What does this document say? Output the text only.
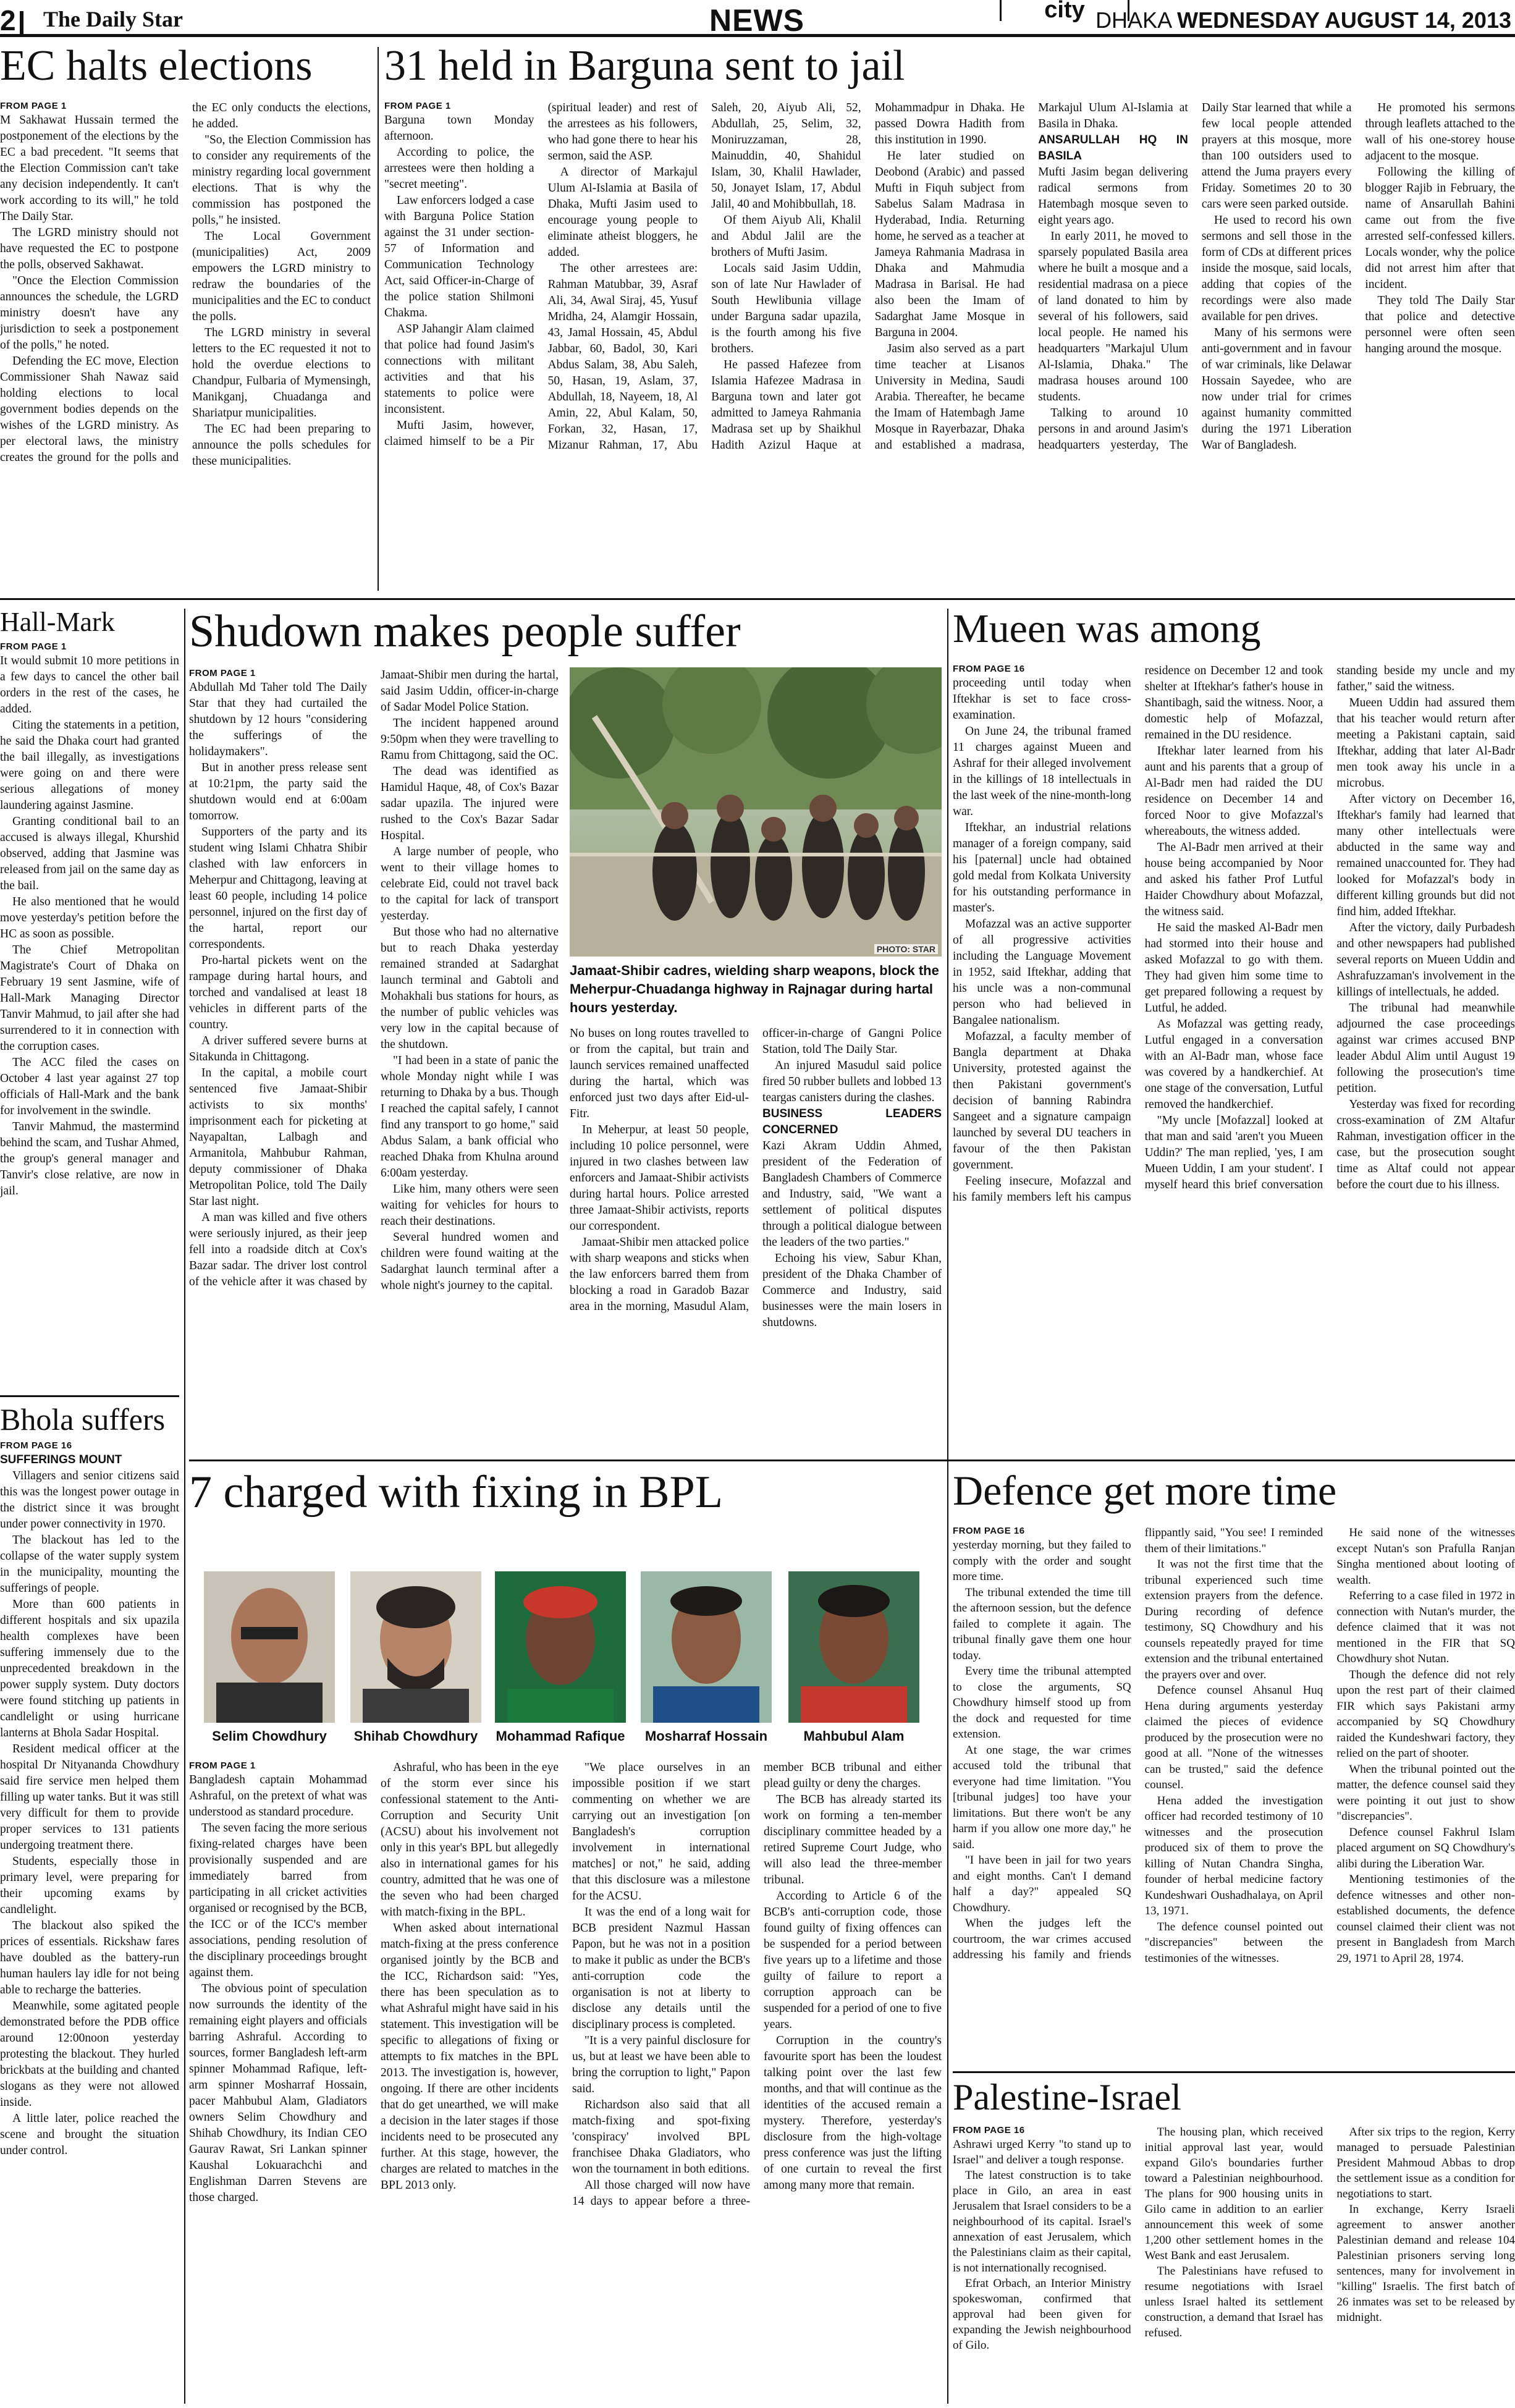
2	The Daily Star	NEWS	city DHAKA WEDNESDAY AUGUST 14, 2013
EC halts elections
FROM PAGE 1

M Sakhawat Hussain termed the postponement of the elections by the EC a bad precedent. "It seems that the Election Commission can't take any decision independently. It can't work according to its will," he told The Daily Star.

The LGRD ministry should not have requested the EC to postpone the polls, observed Sakhawat.

"Once the Election Commission announces the schedule, the LGRD ministry doesn't have any jurisdiction to seek a postponement of the polls," he noted.

Defending the EC move, Election Commissioner Shah Nawaz said holding elections to local government bodies depends on the wishes of the LGRD ministry. As per electoral laws, the ministry creates the ground for the polls and the EC only conducts the elections, he added.

"So, the Election Commission has to consider any requirements of the ministry regarding local government elections. That is why the commission has postponed the polls," he insisted.

The Local Government (municipalities) Act, 2009 empowers the LGRD ministry to redraw the boundaries of the municipalities and the EC to conduct the polls.

The LGRD ministry in several letters to the EC requested it not to hold the overdue elections to Chandpur, Fulbaria of Mymensingh, Manikganj, Chuadanga and Shariatpur municipalities.

The EC had been preparing to announce the polls schedules for these municipalities.

31 held in Barguna sent to jail
FROM PAGE 1

Barguna town Monday afternoon.

According to police, the arrestees were then holding a "secret meeting".

Law enforcers lodged a case with Barguna Police Station against the 31 under section-57 of Information and Communication Technology Act, said Officer-in-Charge of the police station Shilmoni Chakma.

ASP Jahangir Alam claimed that police had found Jasim's connections with militant activities and that his statements to police were inconsistent.

Mufti Jasim, however, claimed himself to be a Pir (spiritual leader) and rest of the arrestees as his followers, who had gone there to hear his sermon, said the ASP.

A director of Markajul Ulum Al-Islamia at Basila of Dhaka, Mufti Jasim used to encourage young people to eliminate atheist bloggers, he added.

The other arrestees are: Rahman Matubbar, 39, Asraf Ali, 34, Awal Siraj, 45, Yusuf Mridha, 24, Alamgir Hossain, 43, Jamal Hossain, 45, Abdul Jabbar, 60, Badol, 30, Kari Abdus Salam, 38, Abu Saleh, 50, Hasan, 19, Aslam, 37, Abdullah, 18, Nayeem, 18, Al Amin, 22, Abul Kalam, 50, Forkan, 32, Hasan, 17, Mizanur Rahman, 17, Abu Saleh, 20, Aiyub Ali, 52, Abdullah, 25, Selim, 32, Moniruzzaman, 28, Mainuddin, 40, Shahidul Islam, 30, Khalil Hawlader, 50, Jonayet Islam, 17, Abdul Jalil, 40 and Mohibbullah, 18.

Of them Aiyub Ali, Khalil and Abdul Jalil are the brothers of Mufti Jasim.

Locals said Jasim Uddin, son of late Nur Hawlader of South Hewlibunia village under Barguna sadar upazila, is the fourth among his five brothers.

He passed Hafezee from Islamia Hafezee Madrasa in Barguna town and later got admitted to Jameya Rahmania Madrasa set up by Shaikhul Hadith Azizul Haque at Mohammadpur in Dhaka. He passed Dowra Hadith from this institution in 1990.

He later studied on Deobond (Arabic) and passed Mufti in Fiquh subject from Sabelus Salam Madrasa in Hyderabad, India. Returning home, he served as a teacher at Jameya Rahmania Madrasa in Dhaka and Mahmudia Madrasa in Barisal. He had also been the Imam of Sadarghat Jame Mosque in Barguna in 2004.

Jasim also served as a part time teacher at Lisanos University in Medina, Saudi Arabia. Thereafter, he became the Imam of Hatembagh Jame Mosque in Rayerbazar, Dhaka and established a madrasa, Markajul Ulum Al-Islamia at Basila in Dhaka.

ANSARULLAH HQ IN BASILA

Mufti Jasim began delivering radical sermons from Hatembagh mosque seven to eight years ago.

In early 2011, he moved to sparsely populated Basila area where he built a mosque and a residential madrasa on a piece of land donated to him by several of his followers, said local people. He named his headquarters "Markajul Ulum Al-Islamia, Dhaka." The madrasa houses around 100 students.

Talking to around 10 persons in and around Jasim's headquarters yesterday, The Daily Star learned that while a few local people attended prayers at this mosque, more than 100 outsiders used to attend the Juma prayers every Friday. Sometimes 20 to 30 cars were seen parked outside.

He used to record his own sermons and sell those in the form of CDs at different prices inside the mosque, said locals, adding that copies of the recordings were also made available for pen drives.

Many of his sermons were anti-government and in favour of war criminals, like Delawar Hossain Sayedee, who are now under trial for crimes against humanity committed during the 1971 Liberation War of Bangladesh.

He promoted his sermons through leaflets attached to the wall of his one-storey house adjacent to the mosque.

Following the killing of blogger Rajib in February, the name of Ansarullah Bahini came out from the five arrested self-confessed killers. Locals wonder, why the police did not arrest him after that incident.

They told The Daily Star that police and detective personnel were often seen hanging around the mosque.

Hall-Mark
FROM PAGE 1

It would submit 10 more petitions in a few days to cancel the other bail orders in the rest of the cases, he added.

Citing the statements in a petition, he said the Dhaka court had granted the bail illegally, as investigations were going on and there were serious allegations of money laundering against Jasmine.

Granting conditional bail to an accused is always illegal, Khurshid observed, adding that Jasmine was released from jail on the same day as the bail.

He also mentioned that he would move yesterday's petition before the HC as soon as possible.

The Chief Metropolitan Magistrate's Court of Dhaka on February 19 sent Jasmine, wife of Hall-Mark Managing Director Tanvir Mahmud, to jail after she had surrendered to it in connection with the corruption cases.

The ACC filed the cases on October 4 last year against 27 top officials of Hall-Mark and the bank for involvement in the swindle.

Tanvir Mahmud, the mastermind behind the scam, and Tushar Ahmed, the group's general manager and Tanvir's close relative, are now in jail.

Bhola suffers
FROM PAGE 16

SUFFERINGS MOUNT

Villagers and senior citizens said this was the longest power outage in the district since it was brought under power connectivity in 1970.

The blackout has led to the collapse of the water supply system in the municipality, mounting the sufferings of people.

More than 600 patients in different hospitals and six upazila health complexes have been suffering immensely due to the unprecedented breakdown in the power supply system. Duty doctors were found stitching up patients in candlelight or using hurricane lanterns at Bhola Sadar Hospital.

Resident medical officer at the hospital Dr Nityananda Chowdhury said fire service men helped them filling up water tanks. But it was still very difficult for them to provide proper services to 131 patients undergoing treatment there.

Students, especially those in primary level, were preparing for their upcoming exams by candlelight.

The blackout also spiked the prices of essentials. Rickshaw fares have doubled as the battery-run human haulers lay idle for not being able to recharge the batteries.

Meanwhile, some agitated people demonstrated before the PDB office around 12:00noon yesterday protesting the blackout. They hurled brickbats at the building and chanted slogans as they were not allowed inside.

A little later, police reached the scene and brought the situation under control.

Shudown makes people suffer
FROM PAGE 1

Abdullah Md Taher told The Daily Star that they had curtailed the shutdown by 12 hours "considering the sufferings of the holidaymakers".

But in another press release sent at 10:21pm, the party said the shutdown would end at 6:00am tomorrow.

Supporters of the party and its student wing Islami Chhatra Shibir clashed with law enforcers in Meherpur and Chittagong, leaving at least 60 people, including 14 police personnel, injured on the first day of the hartal, report our correspondents.

Pro-hartal pickets went on the rampage during hartal hours, and torched and vandalised at least 18 vehicles in different parts of the country.

A driver suffered severe burns at Sitakunda in Chittagong.

In the capital, a mobile court sentenced five Jamaat-Shibir activists to six months' imprisonment each for picketing at Nayapaltan, Lalbagh and Armanitola, Mahbubur Rahman, deputy commissioner of Dhaka Metropolitan Police, told The Daily Star last night.

A man was killed and five others were seriously injured, as their jeep fell into a roadside ditch at Cox's Bazar sadar. The driver lost control of the vehicle after it was chased by Jamaat-Shibir men during the hartal, said Jasim Uddin, officer-in-charge of Sadar Model Police Station.

The incident happened around 9:50pm when they were travelling to Ramu from Chittagong, said the OC.

The dead was identified as Hamidul Haque, 48, of Cox's Bazar sadar upazila. The injured were rushed to the Cox's Bazar Sadar Hospital.

A large number of people, who went to their village homes to celebrate Eid, could not travel back to the capital for lack of transport yesterday.

But those who had no alternative but to reach Dhaka yesterday remained stranded at Sadarghat launch terminal and Gabtoli and Mohakhali bus stations for hours, as the number of public vehicles was very low in the capital because of the shutdown.

"I had been in a state of panic the whole Monday night while I was returning to Dhaka by a bus. Though I reached the capital safely, I cannot find any transport to go home," said Abdus Salam, a bank official who reached Dhaka from Khulna around 6:00am yesterday.

Like him, many others were seen waiting for vehicles for hours to reach their destinations.

Several hundred women and children were found waiting at the Sadarghat launch terminal after a whole night's journey to the capital.

PHOTO: STAR
Jamaat-Shibir cadres, wielding sharp weapons, block the Meherpur-Chuadanga highway in Rajnagar during hartal hours yesterday.

No buses on long routes travelled to or from the capital, but train and launch services remained unaffected during the hartal, which was enforced just two days after Eid-ul-Fitr.

In Meherpur, at least 50 people, including 10 police personnel, were injured in two clashes between law enforcers and Jamaat-Shibir activists during hartal hours. Police arrested three Jamaat-Shibir activists, reports our correspondent.

Jamaat-Shibir men attacked police with sharp weapons and sticks when the law enforcers barred them from blocking a road in Garadob Bazar area in the morning, Masudul Alam, officer-in-charge of Gangni Police Station, told The Daily Star.

An injured Masudul said police fired 50 rubber bullets and lobbed 13 teargas canisters during the clashes.

BUSINESS LEADERS CONCERNED

Kazi Akram Uddin Ahmed, president of the Federation of Bangladesh Chambers of Commerce and Industry, said, "We want a settlement of political disputes through a political dialogue between the leaders of the two parties."

Echoing his view, Sabur Khan, president of the Dhaka Chamber of Commerce and Industry, said businesses were the main losers in shutdowns.

Mueen was among
FROM PAGE 16

proceeding until today when Iftekhar is set to face cross-examination.

On June 24, the tribunal framed 11 charges against Mueen and Ashraf for their alleged involvement in the killings of 18 intellectuals in the last week of the nine-month-long war.

Iftekhar, an industrial relations manager of a foreign company, said his [paternal] uncle had obtained gold medal from Kolkata University for his outstanding performance in master's.

Mofazzal was an active supporter of all progressive activities including the Language Movement in 1952, said Iftekhar, adding that his uncle was a non-communal person who had believed in Bangalee nationalism.

Mofazzal, a faculty member of Bangla department at Dhaka University, protested against the then Pakistani government's decision of banning Rabindra Sangeet and a signature campaign launched by several DU teachers in favour of the then Pakistan government.

Feeling insecure, Mofazzal and his family members left his campus residence on December 12 and took shelter at Iftekhar's father's house in Shantibagh, said the witness. Noor, a domestic help of Mofazzal, remained in the DU residence.

Iftekhar later learned from his aunt and his parents that a group of Al-Badr men had raided the DU residence on December 14 and forced Noor to give Mofazzal's whereabouts, the witness added.

The Al-Badr men arrived at their house being accompanied by Noor and asked his father Prof Lutful Haider Chowdhury about Mofazzal, the witness said.

He said the masked Al-Badr men had stormed into their house and asked Mofazzal to go with them. They had given him some time to get prepared following a request by Lutful, he added.

As Mofazzal was getting ready, Lutful engaged in a conversation with an Al-Badr man, whose face was covered by a handkerchief. At one stage of the conversation, Lutful removed the handkerchief.

"My uncle [Mofazzal] looked at that man and said 'aren't you Mueen Uddin?' The man replied, 'yes, I am Mueen Uddin, I am your student'. I myself heard this brief conversation standing beside my uncle and my father," said the witness.

Mueen Uddin had assured them that his teacher would return after meeting a Pakistani captain, said Iftekhar, adding that later Al-Badr men took away his uncle in a microbus.

After victory on December 16, Iftekhar's family had learned that many other intellectuals were abducted in the same way and remained unaccounted for. They had looked for Mofazzal's body in different killing grounds but did not find him, added Iftekhar.

After the victory, daily Purbadesh and other newspapers had published several reports on Mueen Uddin and Ashrafuzzaman's involvement in the killings of intellectuals, he added.

The tribunal had meanwhile adjourned the case proceedings against war crimes accused BNP leader Abdul Alim until August 19 following the prosecution's time petition.

Yesterday was fixed for recording cross-examination of ZM Altafur Rahman, investigation officer in the case, but the prosecution sought time as Altaf could not appear before the court due to his illness.

7 charged with fixing in BPL
Selim Chowdhury	Shihab Chowdhury	Mohammad Rafique	Mosharraf Hossain	Mahbubul Alam
FROM PAGE 1

Bangladesh captain Mohammad Ashraful, on the pretext of what was understood as standard procedure.

The seven facing the more serious fixing-related charges have been provisionally suspended and are immediately barred from participating in all cricket activities organised or recognised by the BCB, the ICC or of the ICC's member associations, pending resolution of the disciplinary proceedings brought against them.

The obvious point of speculation now surrounds the identity of the remaining eight players and officials barring Ashraful. According to sources, former Bangladesh left-arm spinner Mohammad Rafique, left-arm spinner Mosharraf Hossain, pacer Mahbubul Alam, Gladiators owners Selim Chowdhury and Shihab Chowdhury, its Indian CEO Gaurav Rawat, Sri Lankan spinner Kaushal Lokuarachchi and Englishman Darren Stevens are those charged.

Ashraful, who has been in the eye of the storm ever since his confessional statement to the Anti-Corruption and Security Unit (ACSU) about his involvement not only in this year's BPL but allegedly also in international games for his country, admitted that he was one of the seven who had been charged with match-fixing in the BPL.

When asked about international match-fixing at the press conference organised jointly by the BCB and the ICC, Richardson said: "Yes, there has been speculation as to what Ashraful might have said in his statement. This investigation will be specific to allegations of fixing or attempts to fix matches in the BPL 2013. The investigation is, however, ongoing. If there are other incidents that do get unearthed, we will make a decision in the later stages if those incidents need to be prosecuted any further. At this stage, however, the charges are related to matches in the BPL 2013 only.

"We place ourselves in an impossible position if we start commenting on whether we are carrying out an investigation [on Bangladesh's corruption involvement in international matches] or not," he said, adding that this disclosure was a milestone for the ACSU.

It was the end of a long wait for BCB president Nazmul Hassan Papon, but he was not in a position to make it public as under the BCB's anti-corruption code the organisation is not at liberty to disclose any details until the disciplinary process is completed.

"It is a very painful disclosure for us, but at least we have been able to bring the corruption to light," Papon said.

Richardson also said that all match-fixing and spot-fixing 'conspiracy' involved BPL franchisee Dhaka Gladiators, who won the tournament in both editions.

All those charged will now have 14 days to appear before a three-member BCB tribunal and either plead guilty or deny the charges.

The BCB has already started its work on forming a ten-member disciplinary committee headed by a retired Supreme Court Judge, who will also lead the three-member tribunal.

According to Article 6 of the BCB's anti-corruption code, those found guilty of fixing offences can be suspended for a period between five years up to a lifetime and those guilty of failure to report a corruption approach can be suspended for a period of one to five years.

Corruption in the country's favourite sport has been the loudest talking point over the last few months, and that will continue as the identities of the accused remain a mystery. Therefore, yesterday's disclosure from the high-voltage press conference was just the lifting of one curtain to reveal the first among many more that remain.

Defence get more time
FROM PAGE 16

yesterday morning, but they failed to comply with the order and sought more time.

The tribunal extended the time till the afternoon session, but the defence failed to complete it again. The tribunal finally gave them one hour today.

Every time the tribunal attempted to close the arguments, SQ Chowdhury himself stood up from the dock and requested for time extension.

At one stage, the war crimes accused told the tribunal that everyone had time limitation. "You [tribunal judges] too have your limitations. But there won't be any harm if you allow one more day," he said.

"I have been in jail for two years and eight months. Can't I demand half a day?" appealed SQ Chowdhury.

When the judges left the courtroom, the war crimes accused addressing his family and friends flippantly said, "You see! I reminded them of their limitations."

It was not the first time that the tribunal experienced such time extension prayers from the defence. During recording of defence testimony, SQ Chowdhury and his counsels repeatedly prayed for time extension and the tribunal entertained the prayers over and over.

Defence counsel Ahsanul Huq Hena during arguments yesterday claimed the pieces of evidence produced by the prosecution were no good at all. "None of the witnesses can be trusted," said the defence counsel.

Hena added the investigation officer had recorded testimony of 10 witnesses and the prosecution produced six of them to prove the killing of Nutan Chandra Singha, founder of herbal medicine factory Kundeshwari Oushadhalaya, on April 13, 1971.

The defence counsel pointed out "discrepancies" between the testimonies of the witnesses.

He said none of the witnesses except Nutan's son Prafulla Ranjan Singha mentioned about looting of wealth.

Referring to a case filed in 1972 in connection with Nutan's murder, the defence claimed that it was not mentioned in the FIR that SQ Chowdhury shot Nutan.

Though the defence did not rely upon the rest part of their claimed FIR which says Pakistani army accompanied by SQ Chowdhury raided the Kundeshwari factory, they relied on the part of shooter.

When the tribunal pointed out the matter, the defence counsel said they were pointing it out just to show "discrepancies".

Defence counsel Fakhrul Islam placed argument on SQ Chowdhury's alibi during the Liberation War.

Mentioning testimonies of the defence witnesses and other non-established documents, the defence counsel claimed their client was not present in Bangladesh from March 29, 1971 to April 28, 1974.

Palestine-Israel
FROM PAGE 16

Ashrawi urged Kerry "to stand up to Israel" and deliver a tough response.

The latest construction is to take place in Gilo, an area in east Jerusalem that Israel considers to be a neighbourhood of its capital. Israel's annexation of east Jerusalem, which the Palestinians claim as their capital, is not internationally recognised.

Efrat Orbach, an Interior Ministry spokeswoman, confirmed that approval had been given for expanding the Jewish neighbourhood of Gilo.

The housing plan, which received initial approval last year, would expand Gilo's boundaries further toward a Palestinian neighbourhood. The plans for 900 housing units in Gilo came in addition to an earlier announcement this week of some 1,200 other settlement homes in the West Bank and east Jerusalem.

The Palestinians have refused to resume negotiations with Israel unless Israel halted its settlement construction, a demand that Israel has refused.

After six trips to the region, Kerry managed to persuade Palestinian President Mahmoud Abbas to drop the settlement issue as a condition for negotiations to start.

In exchange, Kerry Israeli agreement to answer another Palestinian demand and release 104 Palestinian prisoners serving long sentences, many for involvement in "killing" Israelis. The first batch of 26 inmates was set to be released by midnight.
